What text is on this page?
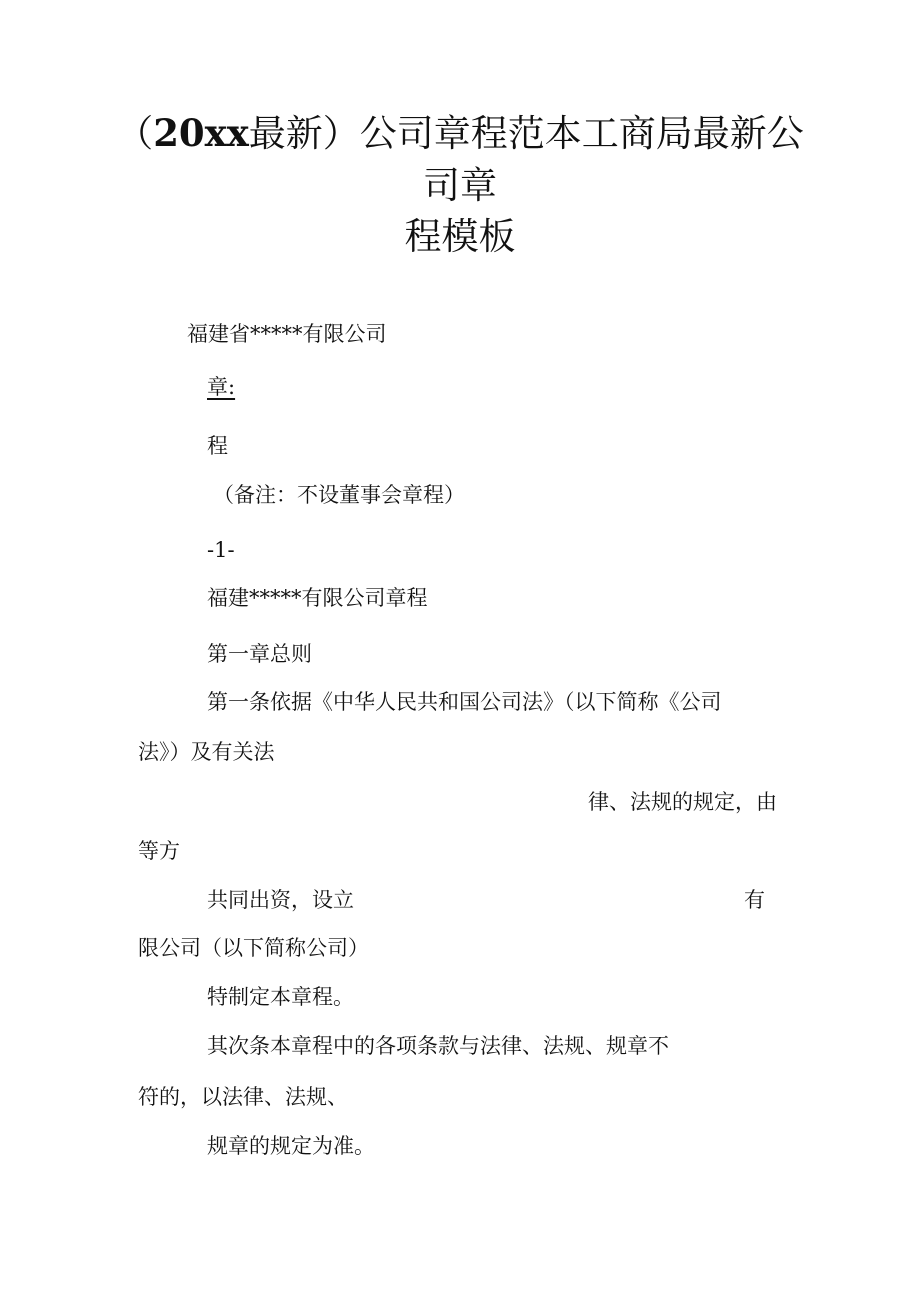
（20xx最新）公司章程范本工商局最新公
司章
程模板
福建省*****有限公司
章:
程
（备注：不设董事会章程）
-1-
福建*****有限公司章程
第一章总则
第一条依据《中华人民共和国公司法》（以下简称《公司
法》）及有关法
律、法规的规定，由
等方
共同出资，设立	有
限公司（以下简称公司）
特制定本章程。
其次条本章程中的各项条款与法律、法规、规章不
符的，以法律、法规、
规章的规定为准。
